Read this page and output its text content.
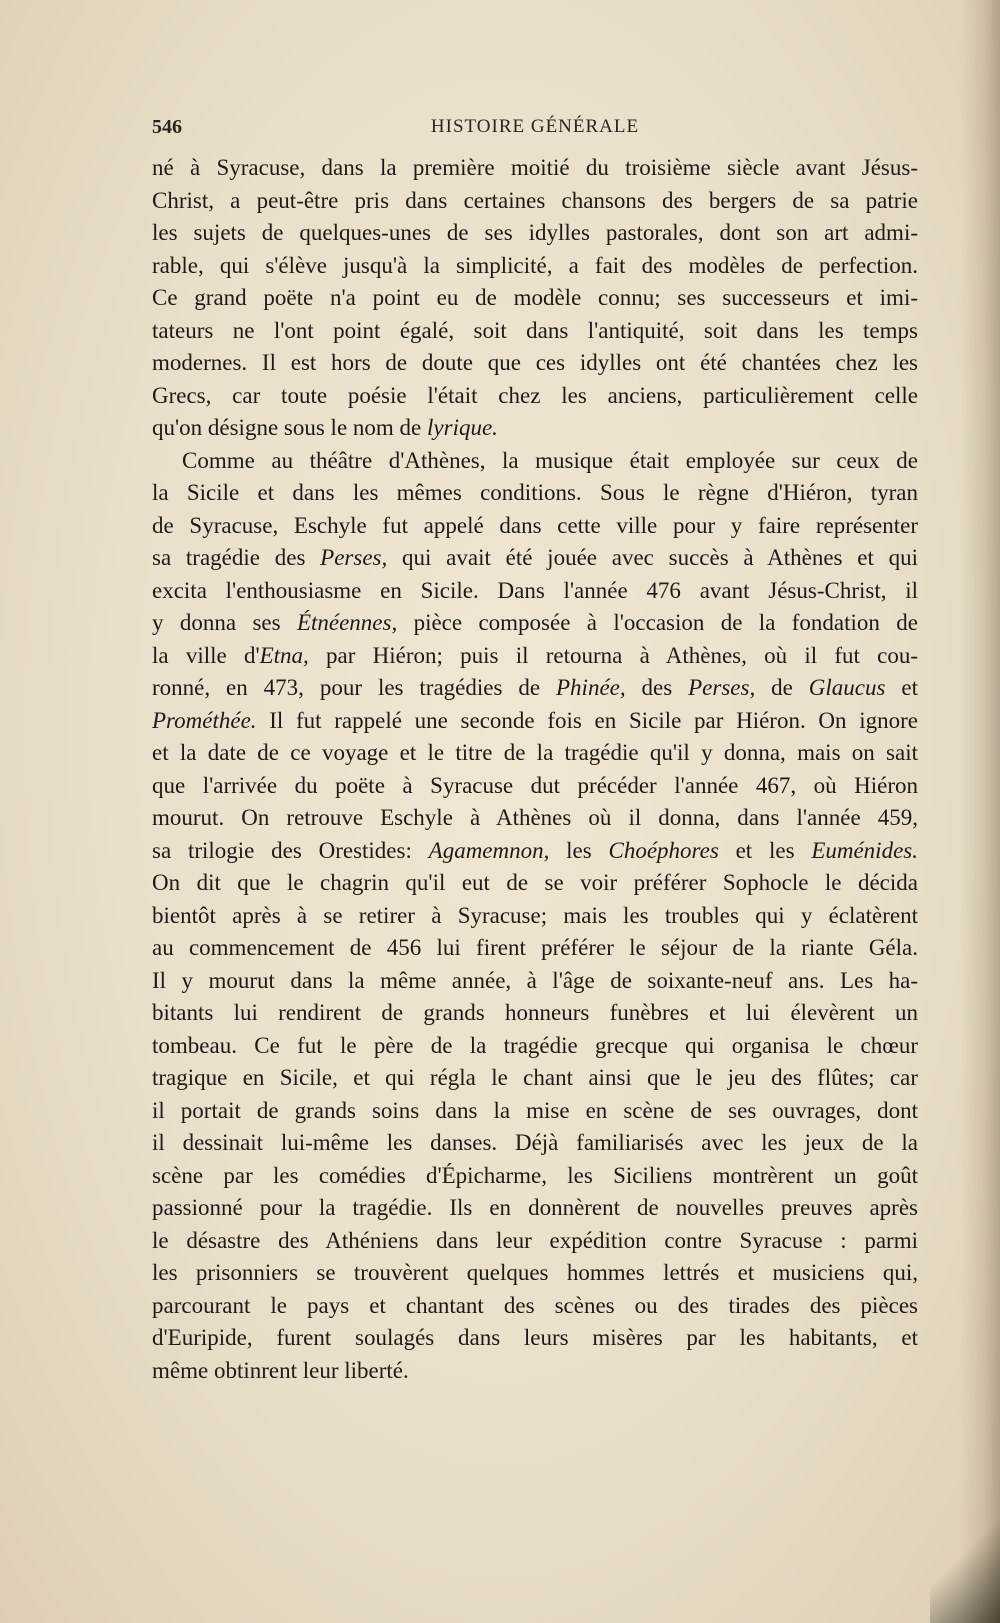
546	HISTOIRE GÉNÉRALE
né à Syracuse, dans la première moitié du troisième siècle avant Jésus-
Christ, a peut-être pris dans certaines chansons des bergers de sa patrie
les sujets de quelques-unes de ses idylles pastorales, dont son art admi-
rable, qui s'élève jusqu'à la simplicité, a fait des modèles de perfection.
Ce grand poëte n'a point eu de modèle connu; ses successeurs et imi-
tateurs ne l'ont point égalé, soit dans l'antiquité, soit dans les temps
modernes. Il est hors de doute que ces idylles ont été chantées chez les
Grecs, car toute poésie l'était chez les anciens, particulièrement celle
qu'on désigne sous le nom de lyrique.
Comme au théâtre d'Athènes, la musique était employée sur ceux de
la Sicile et dans les mêmes conditions. Sous le règne d'Hiéron, tyran
de Syracuse, Eschyle fut appelé dans cette ville pour y faire représenter
sa tragédie des Perses, qui avait été jouée avec succès à Athènes et qui
excita l'enthousiasme en Sicile. Dans l'année 476 avant Jésus-Christ, il
y donna ses Étnéennes, pièce composée à l'occasion de la fondation de
la ville d'Etna, par Hiéron; puis il retourna à Athènes, où il fut cou-
ronné, en 473, pour les tragédies de Phinée, des Perses, de Glaucus et
Prométhée. Il fut rappelé une seconde fois en Sicile par Hiéron. On ignore
et la date de ce voyage et le titre de la tragédie qu'il y donna, mais on sait
que l'arrivée du poëte à Syracuse dut précéder l'année 467, où Hiéron
mourut. On retrouve Eschyle à Athènes où il donna, dans l'année 459,
sa trilogie des Orestides: Agamemnon, les Choéphores et les Euménides.
On dit que le chagrin qu'il eut de se voir préférer Sophocle le décida
bientôt après à se retirer à Syracuse; mais les troubles qui y éclatèrent
au commencement de 456 lui firent préférer le séjour de la riante Géla.
Il y mourut dans la même année, à l'âge de soixante-neuf ans. Les ha-
bitants lui rendirent de grands honneurs funèbres et lui élevèrent un
tombeau. Ce fut le père de la tragédie grecque qui organisa le chœur
tragique en Sicile, et qui régla le chant ainsi que le jeu des flûtes; car
il portait de grands soins dans la mise en scène de ses ouvrages, dont
il dessinait lui-même les danses. Déjà familiarisés avec les jeux de la
scène par les comédies d'Épicharme, les Siciliens montrèrent un goût
passionné pour la tragédie. Ils en donnèrent de nouvelles preuves après
le désastre des Athéniens dans leur expédition contre Syracuse : parmi
les prisonniers se trouvèrent quelques hommes lettrés et musiciens qui,
parcourant le pays et chantant des scènes ou des tirades des pièces
d'Euripide, furent soulagés dans leurs misères par les habitants, et
même obtinrent leur liberté.
